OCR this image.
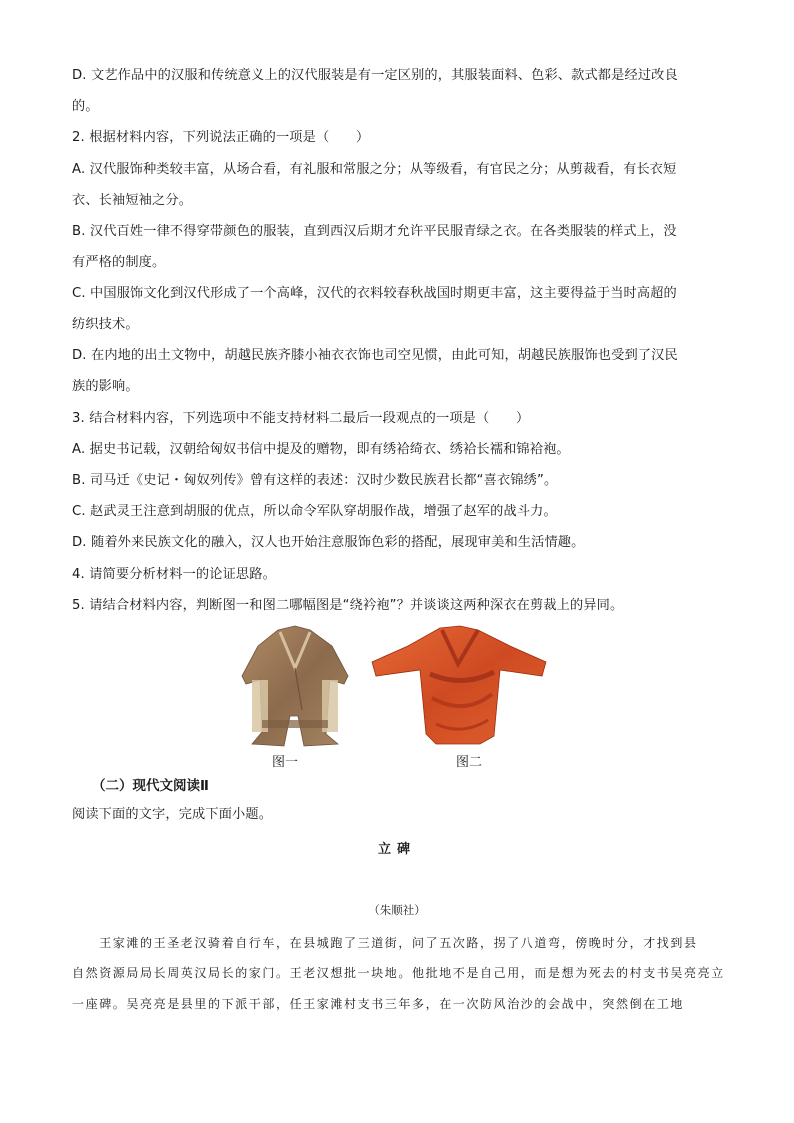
D. 文艺作品中的汉服和传统意义上的汉代服装是有一定区别的，其服装面料、色彩、款式都是经过改良
的。
2. 根据材料内容，下列说法正确的一项是（　　）
A. 汉代服饰种类较丰富，从场合看，有礼服和常服之分；从等级看，有官民之分；从剪裁看，有长衣短
衣、长袖短袖之分。
B. 汉代百姓一律不得穿带颜色的服装，直到西汉后期才允许平民服青绿之衣。在各类服装的样式上，没
有严格的制度。
C. 中国服饰文化到汉代形成了一个高峰，汉代的衣料较春秋战国时期更丰富，这主要得益于当时高超的
纺织技术。
D. 在内地的出土文物中，胡越民族齐膝小袖衣衣饰也司空见惯，由此可知，胡越民族服饰也受到了汉民
族的影响。
3. 结合材料内容，下列选项中不能支持材料二最后一段观点的一项是（　　）
A. 据史书记载，汉朝给匈奴书信中提及的赠物，即有绣袷绮衣、绣袷长襦和锦袷袍。
B. 司马迁《史记・匈奴列传》曾有这样的表述：汉时少数民族君长都“喜衣锦绣”。
C. 赵武灵王注意到胡服的优点，所以命令军队穿胡服作战，增强了赵军的战斗力。
D. 随着外来民族文化的融入，汉人也开始注意服饰色彩的搭配，展现审美和生活情趣。
4. 请简要分析材料一的论证思路。
5. 请结合材料内容，判断图一和图二哪幅图是“绕衿袍”？并谈谈这两种深衣在剪裁上的异同。
图一	图二
（二）现代文阅读Ⅱ
阅读下面的文字，完成下面小题。
立碑
（朱顺社）
　　王家滩的王圣老汉骑着自行车，在县城跑了三道街，问了五次路，拐了八道弯，傍晚时分，才找到县
自然资源局局长周英汉局长的家门。王老汉想批一块地。他批地不是自己用，而是想为死去的村支书吴亮亮立
一座碑。吴亮亮是县里的下派干部，任王家滩村支书三年多，在一次防风治沙的会战中，突然倒在工地
